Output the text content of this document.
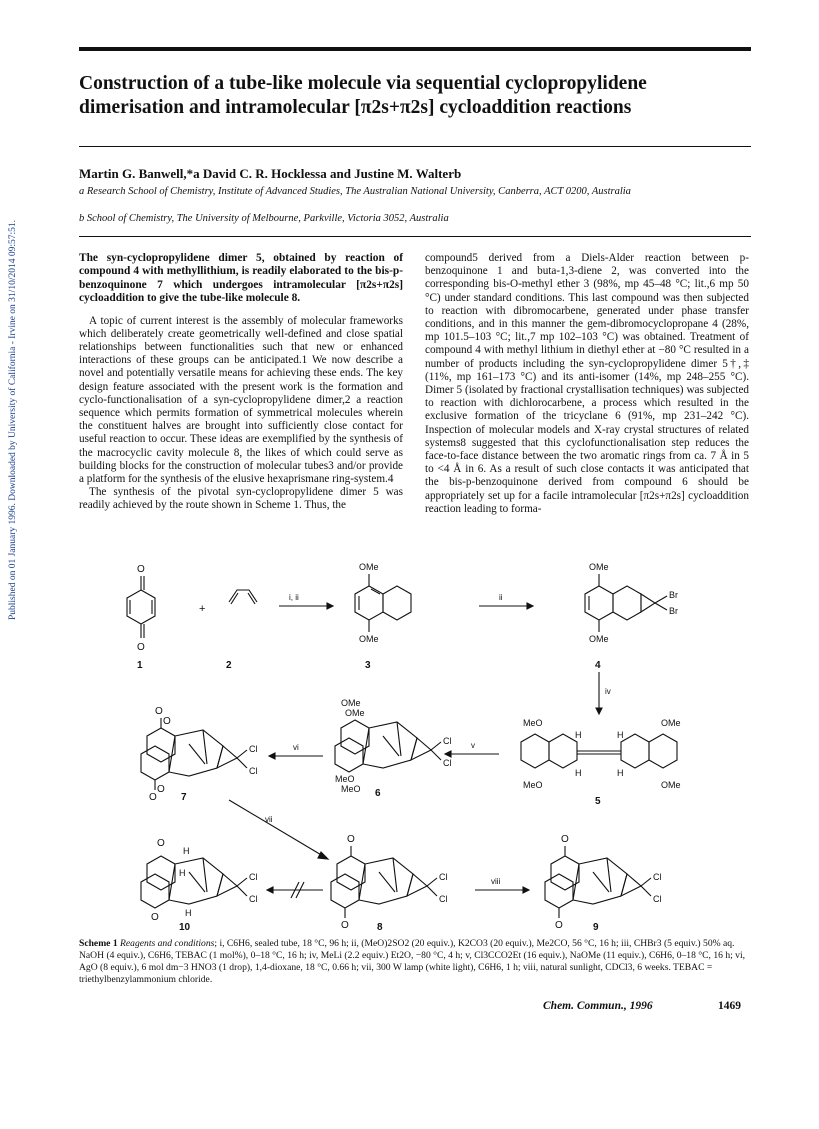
Published on 01 January 1996. Downloaded by University of California - Irvine on 31/10/2014 09:57:51.
Construction of a tube-like molecule via sequential cyclopropylidene
dimerisation and intramolecular [π2s+π2s] cycloaddition reactions
Martin G. Banwell,*a David C. R. Hocklessa and Justine M. Walterb
a Research School of Chemistry, Institute of Advanced Studies, The Australian National University, Canberra, ACT 0200, Australia
b School of Chemistry, The University of Melbourne, Parkville, Victoria 3052, Australia

The syn-cyclopropylidene dimer 5, obtained by reaction of compound 4 with methyllithium, is readily elaborated to the bis-p-benzoquinone 7 which undergoes intramolecular [π2s+π2s] cycloaddition to give the tube-like molecule 8.

A topic of current interest is the assembly of molecular frameworks which deliberately create geometrically well-defined and close spatial relationships between functionalities such that new or enhanced interactions of these groups can be anticipated.1 We now describe a novel and potentially versatile means for achieving these ends. The key design feature associated with the present work is the formation and cyclo-functionalisation of a syn-cyclopropylidene dimer,2 a reaction sequence which permits formation of symmetrical molecules wherein the constituent halves are brought into sufficiently close contact for useful reaction to occur. These ideas are exemplified by the synthesis of the macrocyclic cavity molecule 8, the likes of which could serve as building blocks for the construction of molecular tubes3 and/or provide a platform for the synthesis of the elusive hexaprismane ring-system.4

The synthesis of the pivotal syn-cyclopropylidene dimer 5 was readily achieved by the route shown in Scheme 1. Thus, the

compound5 derived from a Diels-Alder reaction between p-benzoquinone 1 and buta-1,3-diene 2, was converted into the corresponding bis-O-methyl ether 3 (98%, mp 45–48 °C; lit.,6 mp 50 °C) under standard conditions. This last compound was then subjected to reaction with dibromocarbene, generated under phase transfer conditions, and in this manner the gem-dibromocyclopropane 4 (28%, mp 101.5–103 °C; lit.,7 mp 102–103 °C) was obtained. Treatment of compound 4 with methyl lithium in diethyl ether at −80 °C resulted in a number of products including the syn-cyclopropylidene dimer 5†,‡ (11%, mp 161–173 °C) and its anti-isomer (14%, mp 248–255 °C). Dimer 5 (isolated by fractional crystallisation techniques) was subjected to reaction with dichlorocarbene, a process which resulted in the exclusive formation of the tricyclane 6 (91%, mp 231–242 °C). Inspection of molecular models and X-ray crystal structures of related systems8 suggested that this cyclofunctionalisation step reduces the face-to-face distance between the two aromatic rings from ca. 7 Å in 5 to <4 Å in 6. As a result of such close contacts it was anticipated that the bis-p-benzoquinone derived from compound 6 should be appropriately set up for a facile intramolecular [π2s+π2s] cycloaddition reaction leading to forma-

O
O
1
+
2
i, ii
OMe
OMe
3
ii
OMe
OMe
Br
Br
4
iv
MeO
MeO
OMe
OMe
H	H
H	H
5
v
OMe
OMe
MeO
MeO
Cl
Cl
6
vi
O
O
O
O
Cl
Cl
7
vii
O
O
Cl
Cl
8
O
O
H
H
H
Cl
Cl
10
viii
O
O
Cl
Cl
9
Scheme 1 Reagents and conditions; i, C6H6, sealed tube, 18 °C, 96 h; ii, (MeO)2SO2 (20 equiv.), K2CO3 (20 equiv.), Me2CO, 56 °C, 16 h; iii, CHBr3 (5 equiv.) 50% aq. NaOH (4 equiv.), C6H6, TEBAC (1 mol%), 0–18 °C, 16 h; iv, MeLi (2.2 equiv.) Et2O, −80 °C, 4 h; v, Cl3CCO2Et (16 equiv.), NaOMe (11 equiv.), C6H6, 0–18 °C, 16 h; vi, AgO (8 equiv.), 6 mol dm−3 HNO3 (1 drop), 1,4-dioxane, 18 °C, 0.66 h; vii, 300 W lamp (white light), C6H6, 1 h; viii, natural sunlight, CDCl3, 6 weeks. TEBAC = triethylbenzylammonium chloride.
Chem. Commun., 1996	1469
